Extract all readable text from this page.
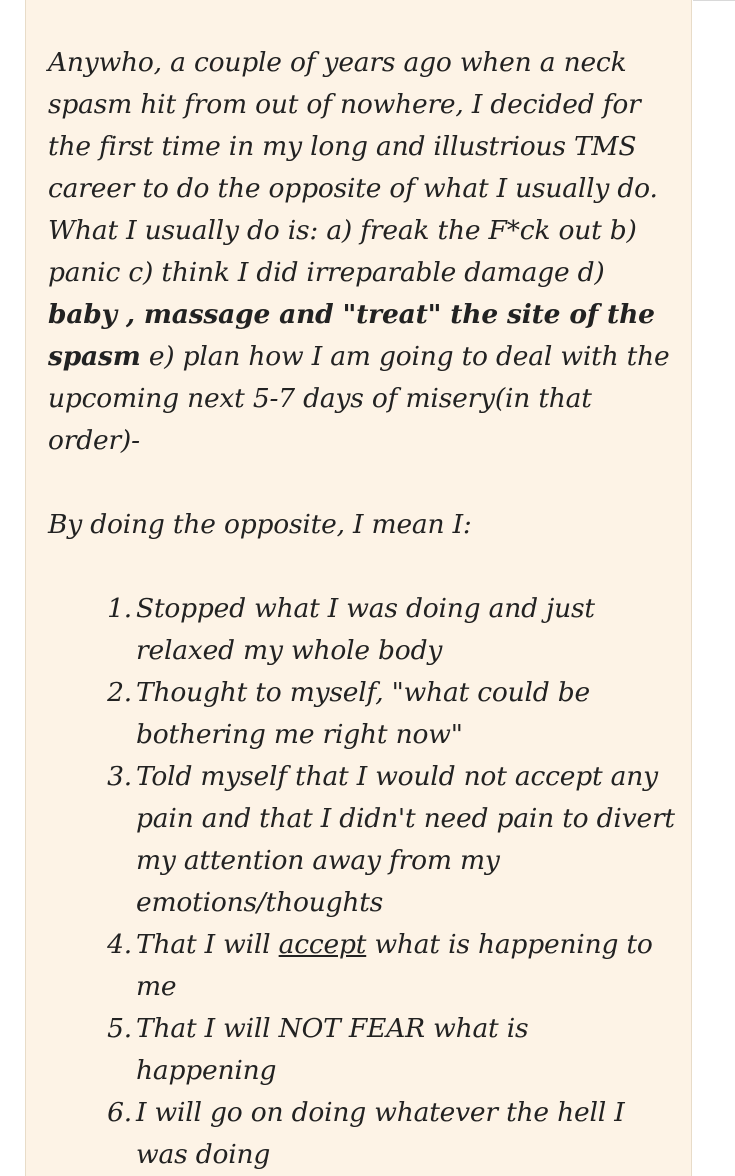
Anywho, a couple of years ago when a neck spasm hit from out of nowhere, I decided for the first time in my long and illustrious TMS career to do the opposite of what I usually do. What I usually do is: a) freak the F*ck out b) panic c) think I did irreparable damage d) baby , massage and "treat" the site of the spasm e) plan how I am going to deal with the upcoming next 5-7 days of misery(in that order)-

By doing the opposite, I mean I:

1. Stopped what I was doing and just relaxed my whole body
2. Thought to myself, "what could be bothering me right now"
3. Told myself that I would not accept any pain and that I didn't need pain to divert my attention away from my emotions/thoughts
4. That I will accept what is happening to me
5. That I will NOT FEAR what is happening
6. I will go on doing whatever the hell I was doing
